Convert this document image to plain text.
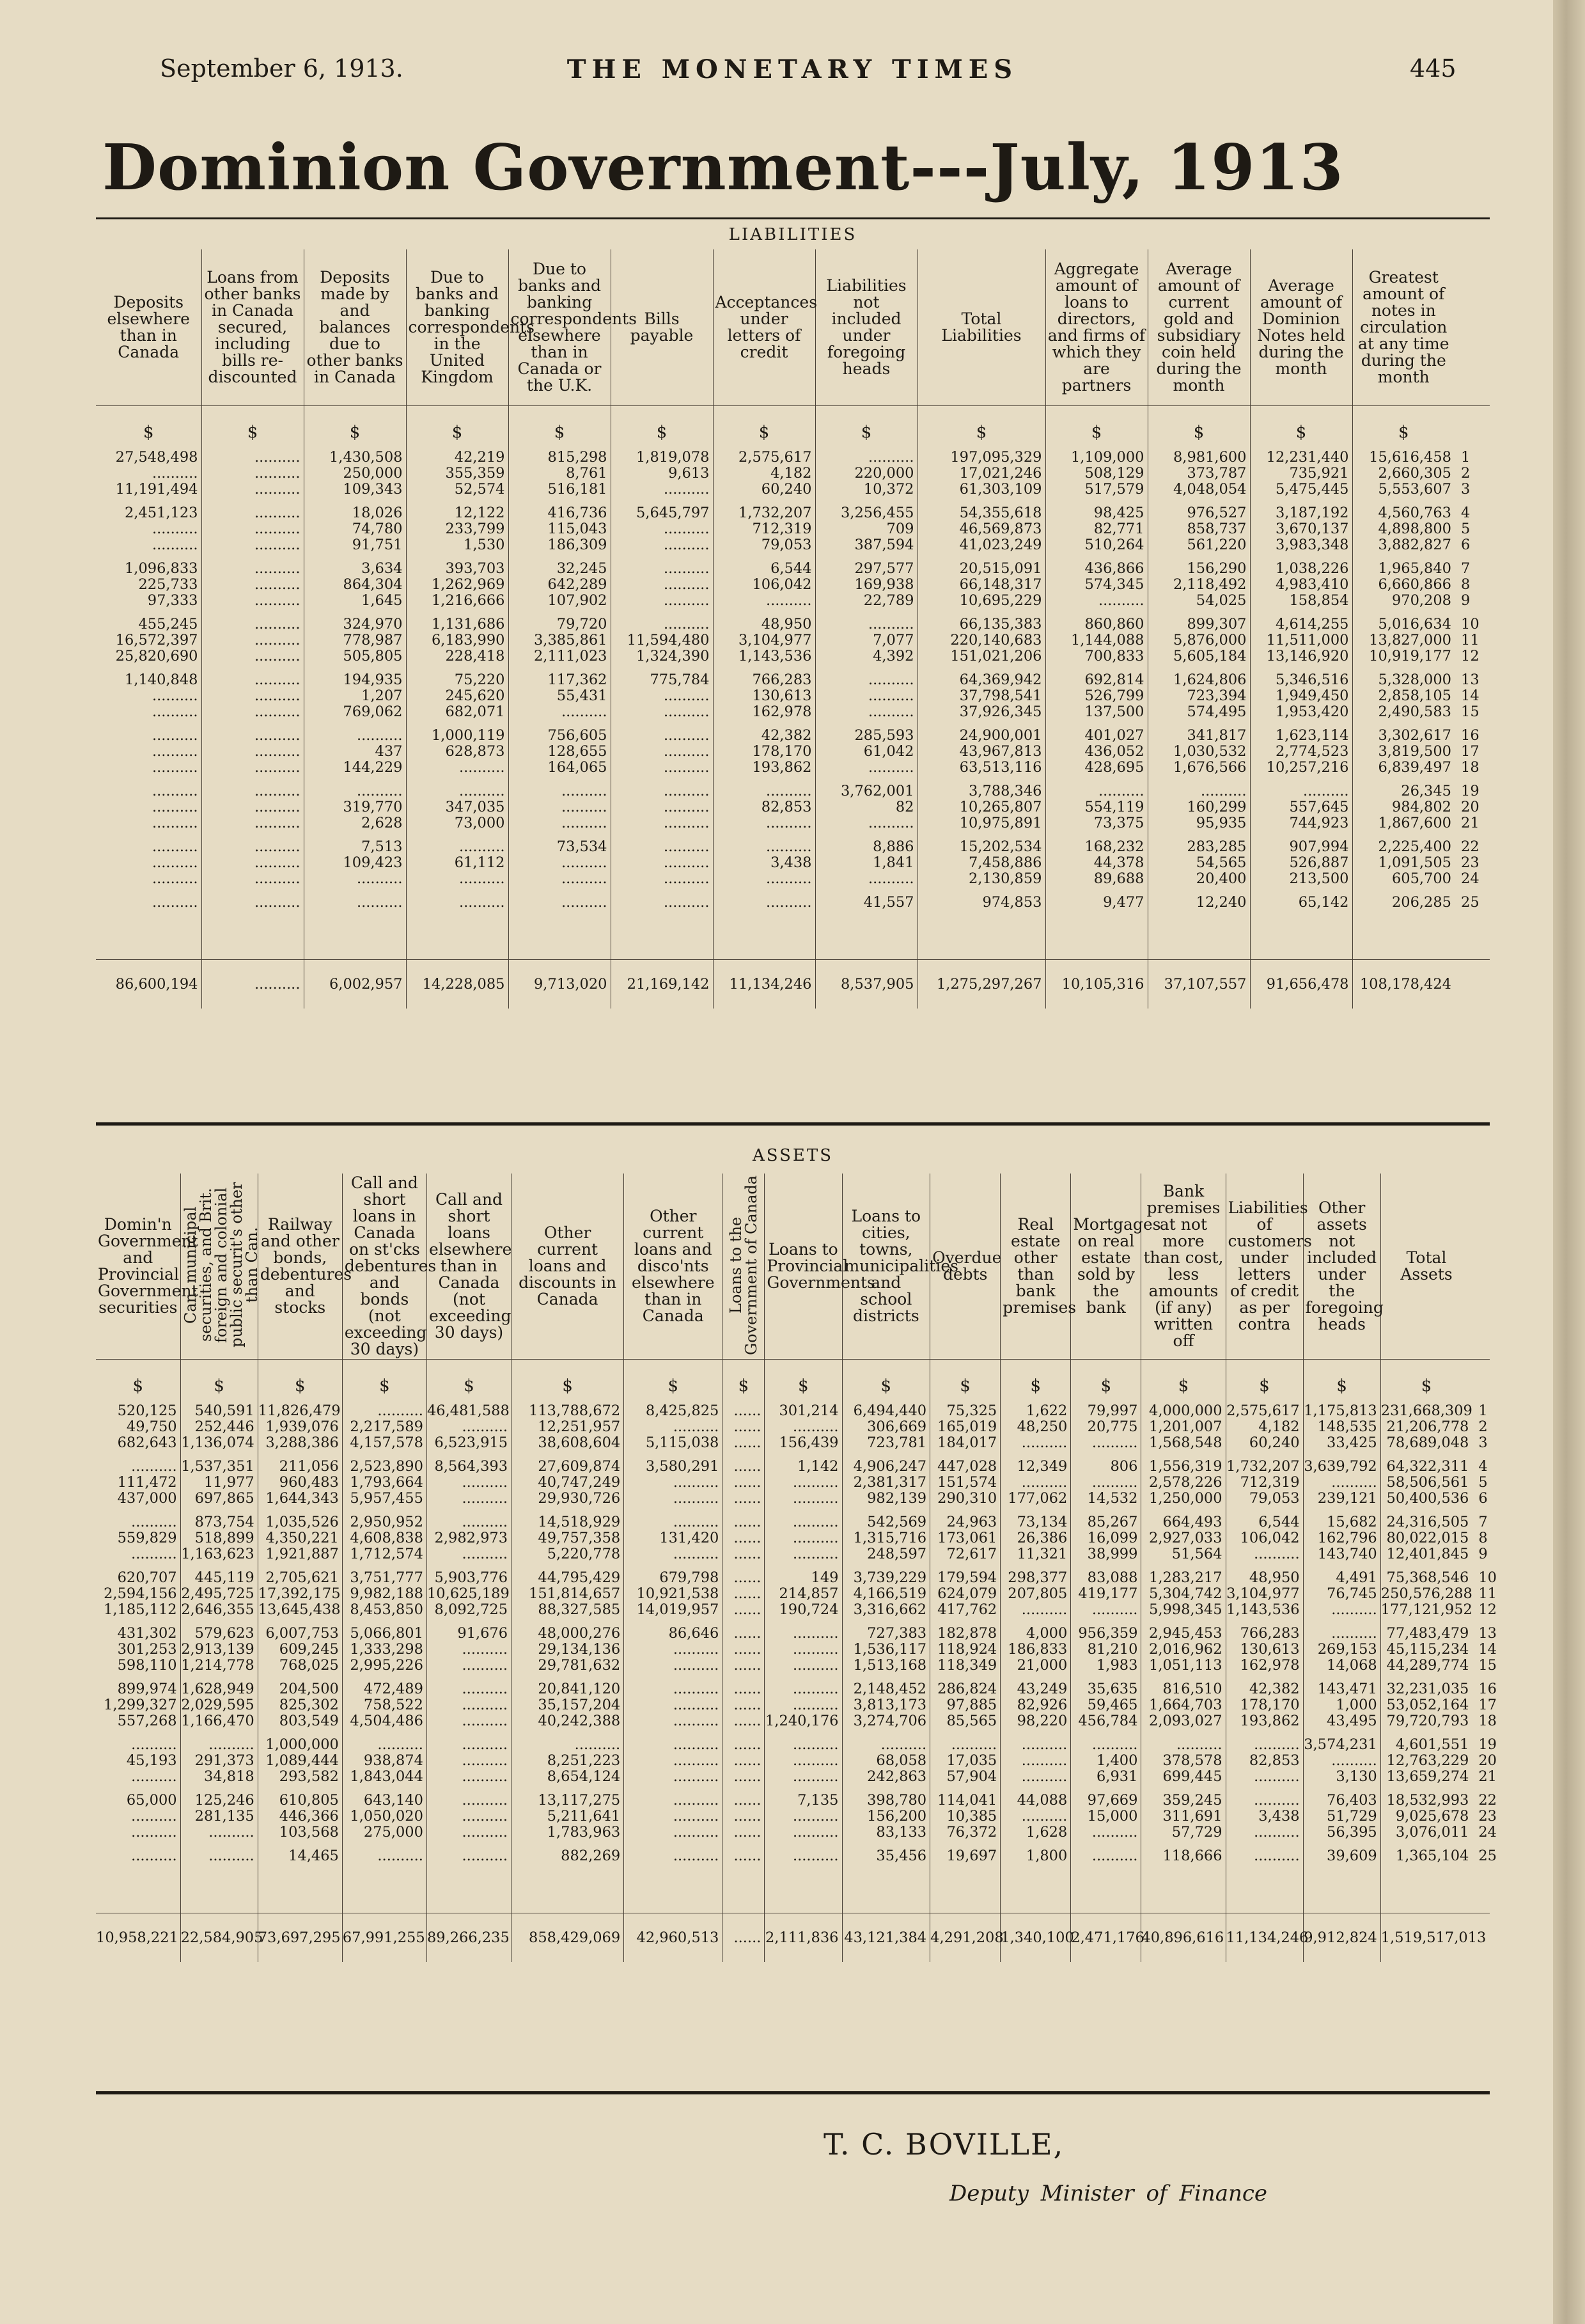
September 6, 1913.	THE MONETARY TIMES	445
Dominion Government---July, 1913
LIABILITIES
Deposits elsewhere than in Canada	Loans from other banks in Canada secured, including bills re-discounted	Deposits made by and balances due to other banks in Canada	Due to banks and banking correspondents in the United Kingdom	Due to banks and banking correspondents elsewhere than in Canada or the U.K.	Bills payable	Acceptances under letters of credit	Liabilities not included under foregoing heads	Total Liabilities	Aggregate amount of loans to directors, and firms of which they are partners	Average amount of current gold and subsidiary coin held during the month	Average amount of Dominion Notes held during the month	Greatest amount of notes in circulation at any time during the month	
$	$	$	$	$	$	$	$	$	$	$	$	$	
27,548,498	..........	1,430,508	42,219	815,298	1,819,078	2,575,617	..........	197,095,329	1,109,000	8,981,600	12,231,440	15,616,458	1
..........	..........	250,000	355,359	8,761	9,613	4,182	220,000	17,021,246	508,129	373,787	735,921	2,660,305	2
11,191,494	..........	109,343	52,574	516,181	..........	60,240	10,372	61,303,109	517,579	4,048,054	5,475,445	5,553,607	3
2,451,123	..........	18,026	12,122	416,736	5,645,797	1,732,207	3,256,455	54,355,618	98,425	976,527	3,187,192	4,560,763	4
..........	..........	74,780	233,799	115,043	..........	712,319	709	46,569,873	82,771	858,737	3,670,137	4,898,800	5
..........	..........	91,751	1,530	186,309	..........	79,053	387,594	41,023,249	510,264	561,220	3,983,348	3,882,827	6
1,096,833	..........	3,634	393,703	32,245	..........	6,544	297,577	20,515,091	436,866	156,290	1,038,226	1,965,840	7
225,733	..........	864,304	1,262,969	642,289	..........	106,042	169,938	66,148,317	574,345	2,118,492	4,983,410	6,660,866	8
97,333	..........	1,645	1,216,666	107,902	..........	..........	22,789	10,695,229	..........	54,025	158,854	970,208	9
455,245	..........	324,970	1,131,686	79,720	..........	48,950	..........	66,135,383	860,860	899,307	4,614,255	5,016,634	10
16,572,397	..........	778,987	6,183,990	3,385,861	11,594,480	3,104,977	7,077	220,140,683	1,144,088	5,876,000	11,511,000	13,827,000	11
25,820,690	..........	505,805	228,418	2,111,023	1,324,390	1,143,536	4,392	151,021,206	700,833	5,605,184	13,146,920	10,919,177	12
1,140,848	..........	194,935	75,220	117,362	775,784	766,283	..........	64,369,942	692,814	1,624,806	5,346,516	5,328,000	13
..........	..........	1,207	245,620	55,431	..........	130,613	..........	37,798,541	526,799	723,394	1,949,450	2,858,105	14
..........	..........	769,062	682,071	..........	..........	162,978	..........	37,926,345	137,500	574,495	1,953,420	2,490,583	15
..........	..........	..........	1,000,119	756,605	..........	42,382	285,593	24,900,001	401,027	341,817	1,623,114	3,302,617	16
..........	..........	437	628,873	128,655	..........	178,170	61,042	43,967,813	436,052	1,030,532	2,774,523	3,819,500	17
..........	..........	144,229	..........	164,065	..........	193,862	..........	63,513,116	428,695	1,676,566	10,257,216	6,839,497	18
..........	..........	..........	..........	..........	..........	..........	3,762,001	3,788,346	..........	..........	..........	26,345	19
..........	..........	319,770	347,035	..........	..........	82,853	82	10,265,807	554,119	160,299	557,645	984,802	20
..........	..........	2,628	73,000	..........	..........	..........	..........	10,975,891	73,375	95,935	744,923	1,867,600	21
..........	..........	7,513	..........	73,534	..........	..........	8,886	15,202,534	168,232	283,285	907,994	2,225,400	22
..........	..........	109,423	61,112	..........	..........	3,438	1,841	7,458,886	44,378	54,565	526,887	1,091,505	23
..........	..........	..........	..........	..........	..........	..........	..........	2,130,859	89,688	20,400	213,500	605,700	24
..........	..........	..........	..........	..........	..........	..........	41,557	974,853	9,477	12,240	65,142	206,285	25

86,600,194	..........	6,002,957	14,228,085	9,713,020	21,169,142	11,134,246	8,537,905	1,275,297,267	10,105,316	37,107,557	91,656,478	108,178,424	
ASSETS
Domin'n Government and Provincial Government securities	Can. municipal securities, and Brit. foreign and colonial public securit's other than Can.	Railway and other bonds, debentures and stocks	Call and short loans in Canada on st'cks debentures and bonds (not exceeding 30 days)	Call and short loans elsewhere than in Canada (not exceeding 30 days)	Other current loans and discounts in Canada	Other current loans and disco'nts elsewhere than in Canada	Loans to the Government of Canada	Loans to Provincial Governments	Loans to cities, towns, municipalities and school districts	Overdue debts	Real estate other than bank premises	Mortgages on real estate sold by the bank	Bank premises at not more than cost, less amounts (if any) written off	Liabilities of customers under letters of credit as per contra	Other assets not included under the foregoing heads	Total Assets	
$	$	$	$	$	$	$	$	$	$	$	$	$	$	$	$	$	
520,125	540,591	11,826,479	..........	46,481,588	113,788,672	8,425,825	......	301,214	6,494,440	75,325	1,622	79,997	4,000,000	2,575,617	1,175,813	231,668,309	1
49,750	252,446	1,939,076	2,217,589	..........	12,251,957	..........	......	..........	306,669	165,019	48,250	20,775	1,201,007	4,182	148,535	21,206,778	2
682,643	1,136,074	3,288,386	4,157,578	6,523,915	38,608,604	5,115,038	......	156,439	723,781	184,017	..........	..........	1,568,548	60,240	33,425	78,689,048	3
..........	1,537,351	211,056	2,523,890	8,564,393	27,609,874	3,580,291	......	1,142	4,906,247	447,028	12,349	806	1,556,319	1,732,207	3,639,792	64,322,311	4
111,472	11,977	960,483	1,793,664	..........	40,747,249	..........	......	..........	2,381,317	151,574	..........	..........	2,578,226	712,319	..........	58,506,561	5
437,000	697,865	1,644,343	5,957,455	..........	29,930,726	..........	......	..........	982,139	290,310	177,062	14,532	1,250,000	79,053	239,121	50,400,536	6
..........	873,754	1,035,526	2,950,952	..........	14,518,929	..........	......	..........	542,569	24,963	73,134	85,267	664,493	6,544	15,682	24,316,505	7
559,829	518,899	4,350,221	4,608,838	2,982,973	49,757,358	131,420	......	..........	1,315,716	173,061	26,386	16,099	2,927,033	106,042	162,796	80,022,015	8
..........	1,163,623	1,921,887	1,712,574	..........	5,220,778	..........	......	..........	248,597	72,617	11,321	38,999	51,564	..........	143,740	12,401,845	9
620,707	445,119	2,705,621	3,751,777	5,903,776	44,795,429	679,798	......	149	3,739,229	179,594	298,377	83,088	1,283,217	48,950	4,491	75,368,546	10
2,594,156	2,495,725	17,392,175	9,982,188	10,625,189	151,814,657	10,921,538	......	214,857	4,166,519	624,079	207,805	419,177	5,304,742	3,104,977	76,745	250,576,288	11
1,185,112	2,646,355	13,645,438	8,453,850	8,092,725	88,327,585	14,019,957	......	190,724	3,316,662	417,762	..........	..........	5,998,345	1,143,536	..........	177,121,952	12
431,302	579,623	6,007,753	5,066,801	91,676	48,000,276	86,646	......	..........	727,383	182,878	4,000	956,359	2,945,453	766,283	..........	77,483,479	13
301,253	2,913,139	609,245	1,333,298	..........	29,134,136	..........	......	..........	1,536,117	118,924	186,833	81,210	2,016,962	130,613	269,153	45,115,234	14
598,110	1,214,778	768,025	2,995,226	..........	29,781,632	..........	......	..........	1,513,168	118,349	21,000	1,983	1,051,113	162,978	14,068	44,289,774	15
899,974	1,628,949	204,500	472,489	..........	20,841,120	..........	......	..........	2,148,452	286,824	43,249	35,635	816,510	42,382	143,471	32,231,035	16
1,299,327	2,029,595	825,302	758,522	..........	35,157,204	..........	......	..........	3,813,173	97,885	82,926	59,465	1,664,703	178,170	1,000	53,052,164	17
557,268	1,166,470	803,549	4,504,486	..........	40,242,388	..........	......	1,240,176	3,274,706	85,565	98,220	456,784	2,093,027	193,862	43,495	79,720,793	18
..........	..........	1,000,000	..........	..........	..........	..........	......	..........	..........	..........	..........	..........	..........	..........	3,574,231	4,601,551	19
45,193	291,373	1,089,444	938,874	..........	8,251,223	..........	......	..........	68,058	17,035	..........	1,400	378,578	82,853	..........	12,763,229	20
..........	34,818	293,582	1,843,044	..........	8,654,124	..........	......	..........	242,863	57,904	..........	6,931	699,445	..........	3,130	13,659,274	21
65,000	125,246	610,805	643,140	..........	13,117,275	..........	......	7,135	398,780	114,041	44,088	97,669	359,245	..........	76,403	18,532,993	22
..........	281,135	446,366	1,050,020	..........	5,211,641	..........	......	..........	156,200	10,385	..........	15,000	311,691	3,438	51,729	9,025,678	23
..........	..........	103,568	275,000	..........	1,783,963	..........	......	..........	83,133	76,372	1,628	..........	57,729	..........	56,395	3,076,011	24
..........	..........	14,465	..........	..........	882,269	..........	......	..........	35,456	19,697	1,800	..........	118,666	..........	39,609	1,365,104	25

10,958,221	22,584,905	73,697,295	67,991,255	89,266,235	858,429,069	42,960,513	......	2,111,836	43,121,384	4,291,208	1,340,100	2,471,176	40,896,616	11,134,246	9,912,824	1,519,517,013	
T. C. BOVILLE,
Deputy Minister of Finance
